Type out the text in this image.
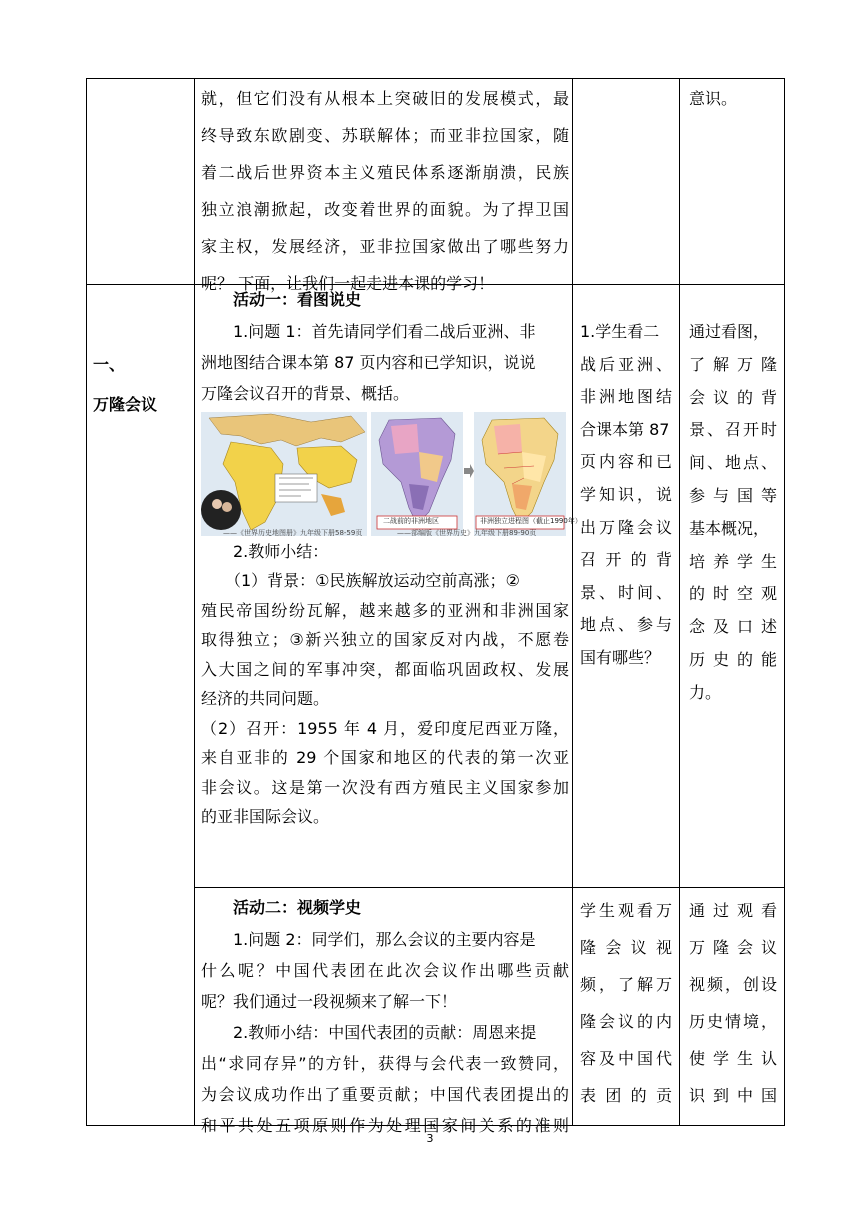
就，但它们没有从根本上突破旧的发展模式，最
终导致东欧剧变、苏联解体；而亚非拉国家，随
着二战后世界资本主义殖民体系逐渐崩溃，民族
独立浪潮掀起，改变着世界的面貌。为了捍卫国
家主权，发展经济，亚非拉国家做出了哪些努力
呢？ 下面，让我们一起走进本课的学习！
意识。
一、
万隆会议
活动一：看图说史
1.问题 1：首先请同学们看二战后亚洲、非
洲地图结合课本第 87 页内容和已学知识，说说
万隆会议召开的背景、概括。
——《世界历史地图册》九年级下册58-59页	——部编版《世界历史》九年级下册89-90页
二战前的非洲地区	非洲独立进程图（截止1990年）
2.教师小结：
（1）背景：①民族解放运动空前高涨；②
殖民帝国纷纷瓦解，越来越多的亚洲和非洲国家
取得独立；③新兴独立的国家反对内战，不愿卷
入大国之间的军事冲突，都面临巩固政权、发展
经济的共同问题。
（2）召开：1955 年 4 月，爱印度尼西亚万隆，
来自亚非的 29 个国家和地区的代表的第一次亚
非会议。这是第一次没有西方殖民主义国家参加
的亚非国际会议。
1.学生看二
战后亚洲、
非洲地图结
合课本第 87
页内容和已
学知识，说
出万隆会议
召开的背
景、时间、
地点、参与
国有哪些？
通过看图，
了解万隆
会议的背
景、召开时
间、地点、
参与国等
基本概况，
培养学生
的时空观
念及口述
历史的能
力。
活动二：视频学史
1.问题 2：同学们，那么会议的主要内容是
什么呢？中国代表团在此次会议作出哪些贡献
呢？我们通过一段视频来了解一下！
2.教师小结：中国代表团的贡献：周恩来提
出“求同存异”的方针，获得与会代表一致赞同，
为会议成功作出了重要贡献；中国代表团提出的
和平共处五项原则作为处理国家间关系的准则
学生观看万
隆会议视
频，了解万
隆会议的内
容及中国代
表团的贡
通过观看
万隆会议
视频，创设
历史情境，
使学生认
识到中国
3
